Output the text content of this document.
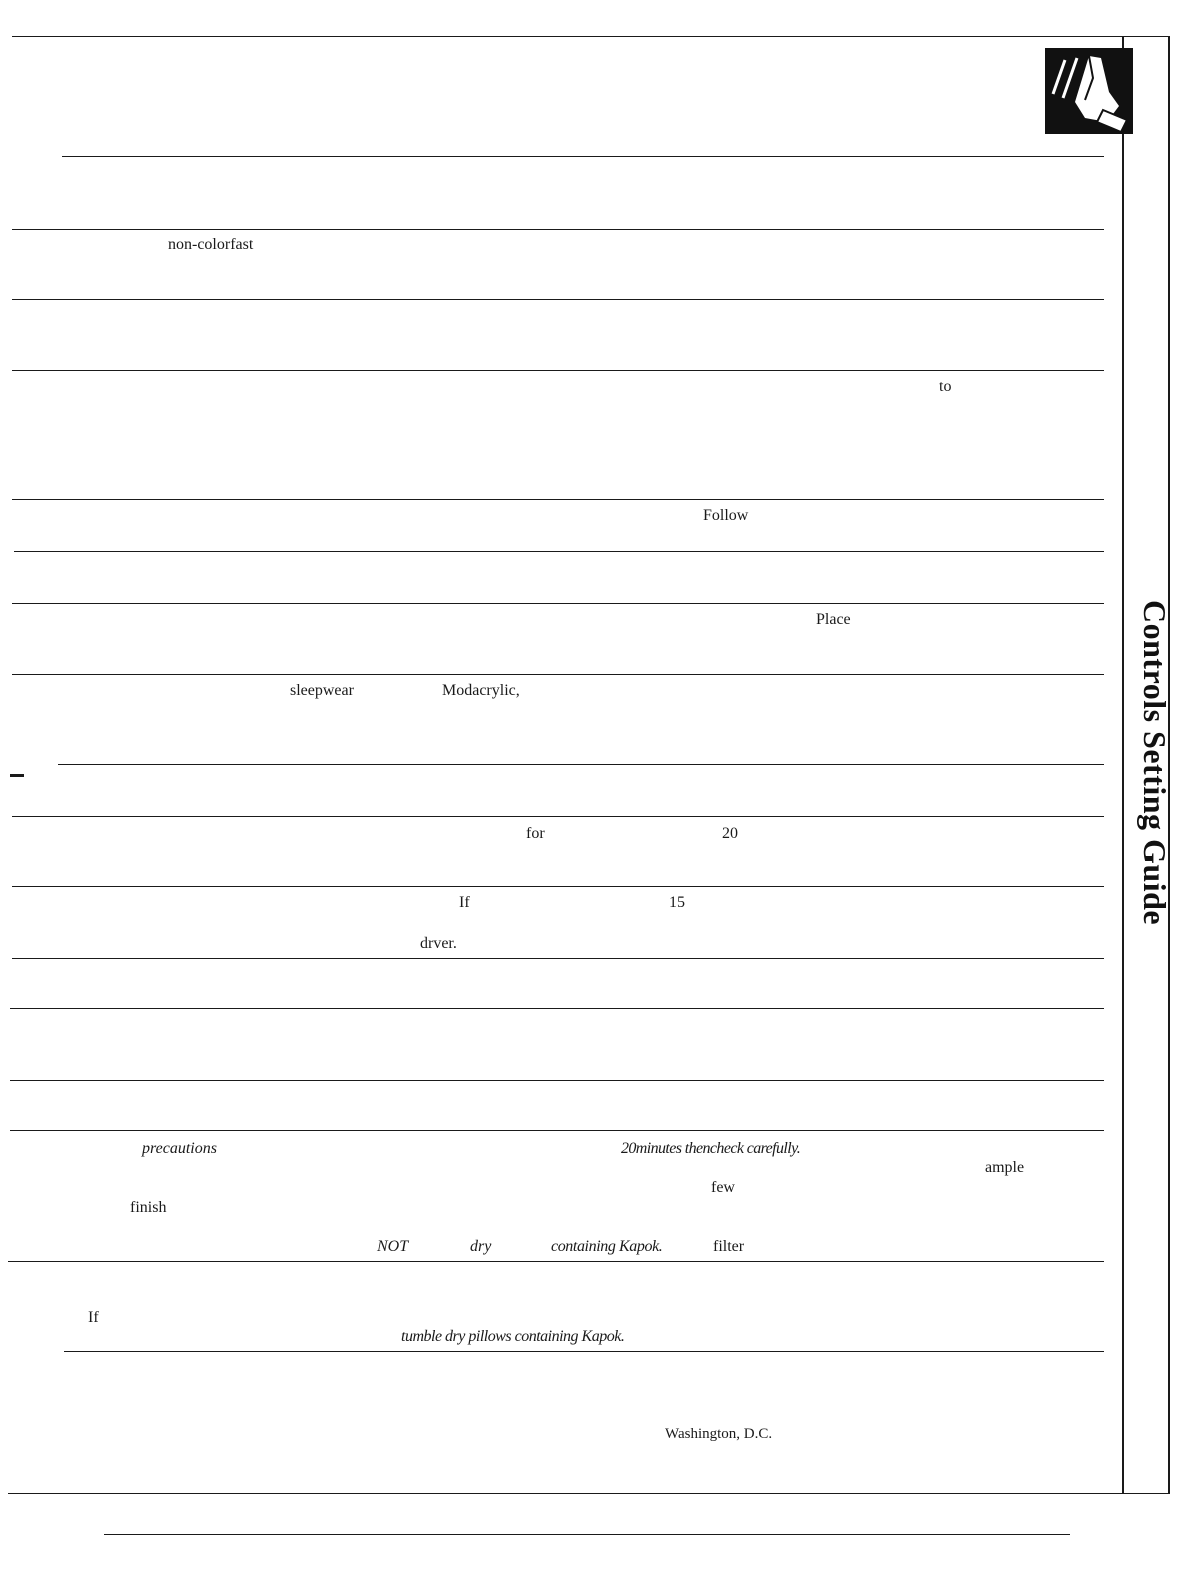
non-colorfast
to
Follow
Place
sleepwear	Modacrylic,
for	20
If	15
drver.
precautions	20minutes thencheck carefully.
ample
few
finish
NOT	dry	containing Kapok.	filter
If
tumble dry pillows containing Kapok.
Washington, D.C.
Controls Setting Guide
